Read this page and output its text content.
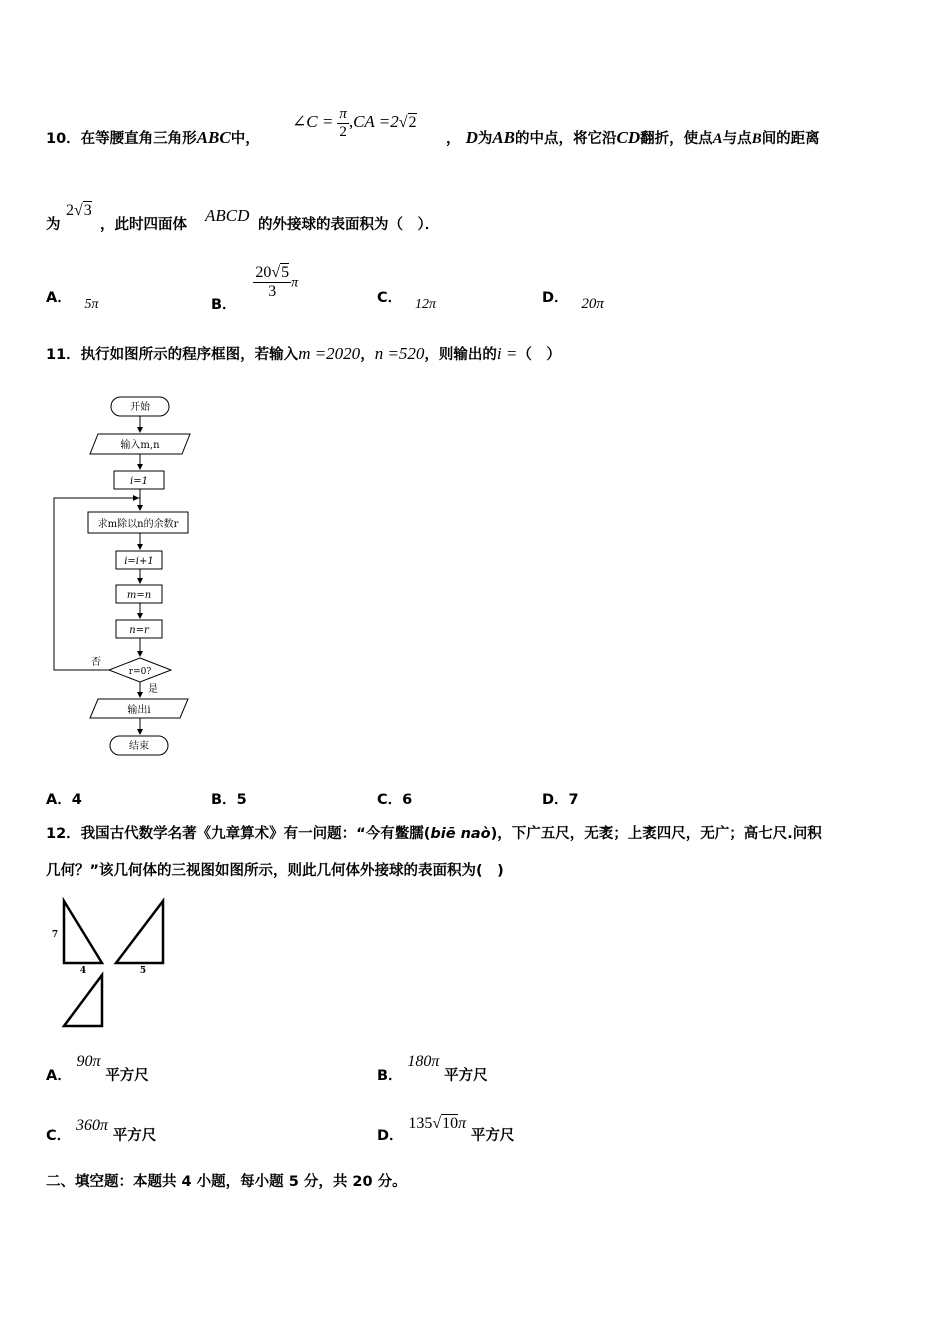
10．在等腰直角三角形ABC中，
∠C = $\frac{\pi}{2} ,CA =2√2$
， D为AB的中点，将它沿CD翻折，使点A与点B间的距离
为
2√3
，此时四面体 ABCD 的外接球的表面积为（　）．
A． 5π	B．
$\frac{20√5}{3}$ π
C． 12π	D． 20π
11．执行如图所示的程序框图，若输入m =2020，n =520，则输出的i =（　）
开始
输入m,n
i=1
求m除以n的余数r
i=i+1
m=n
n=r
r=0?
否
是
输出i
结束
A．4	B．5	C．6	D．7
12．我国古代数学名著《九章算术》有一问题：“今有鳖臑(biē naò)，下广五尺，无袤；上袤四尺，无广；高七尺.问积
几何？”该几何体的三视图如图所示，则此几何体外接球的表面积为(　)
7
4	5
A． 90π 平方尺	B． 180π 平方尺
C． 360π 平方尺	D． 135√10π 平方尺
二、填空题：本题共 4 小题，每小题 5 分，共 20 分。
